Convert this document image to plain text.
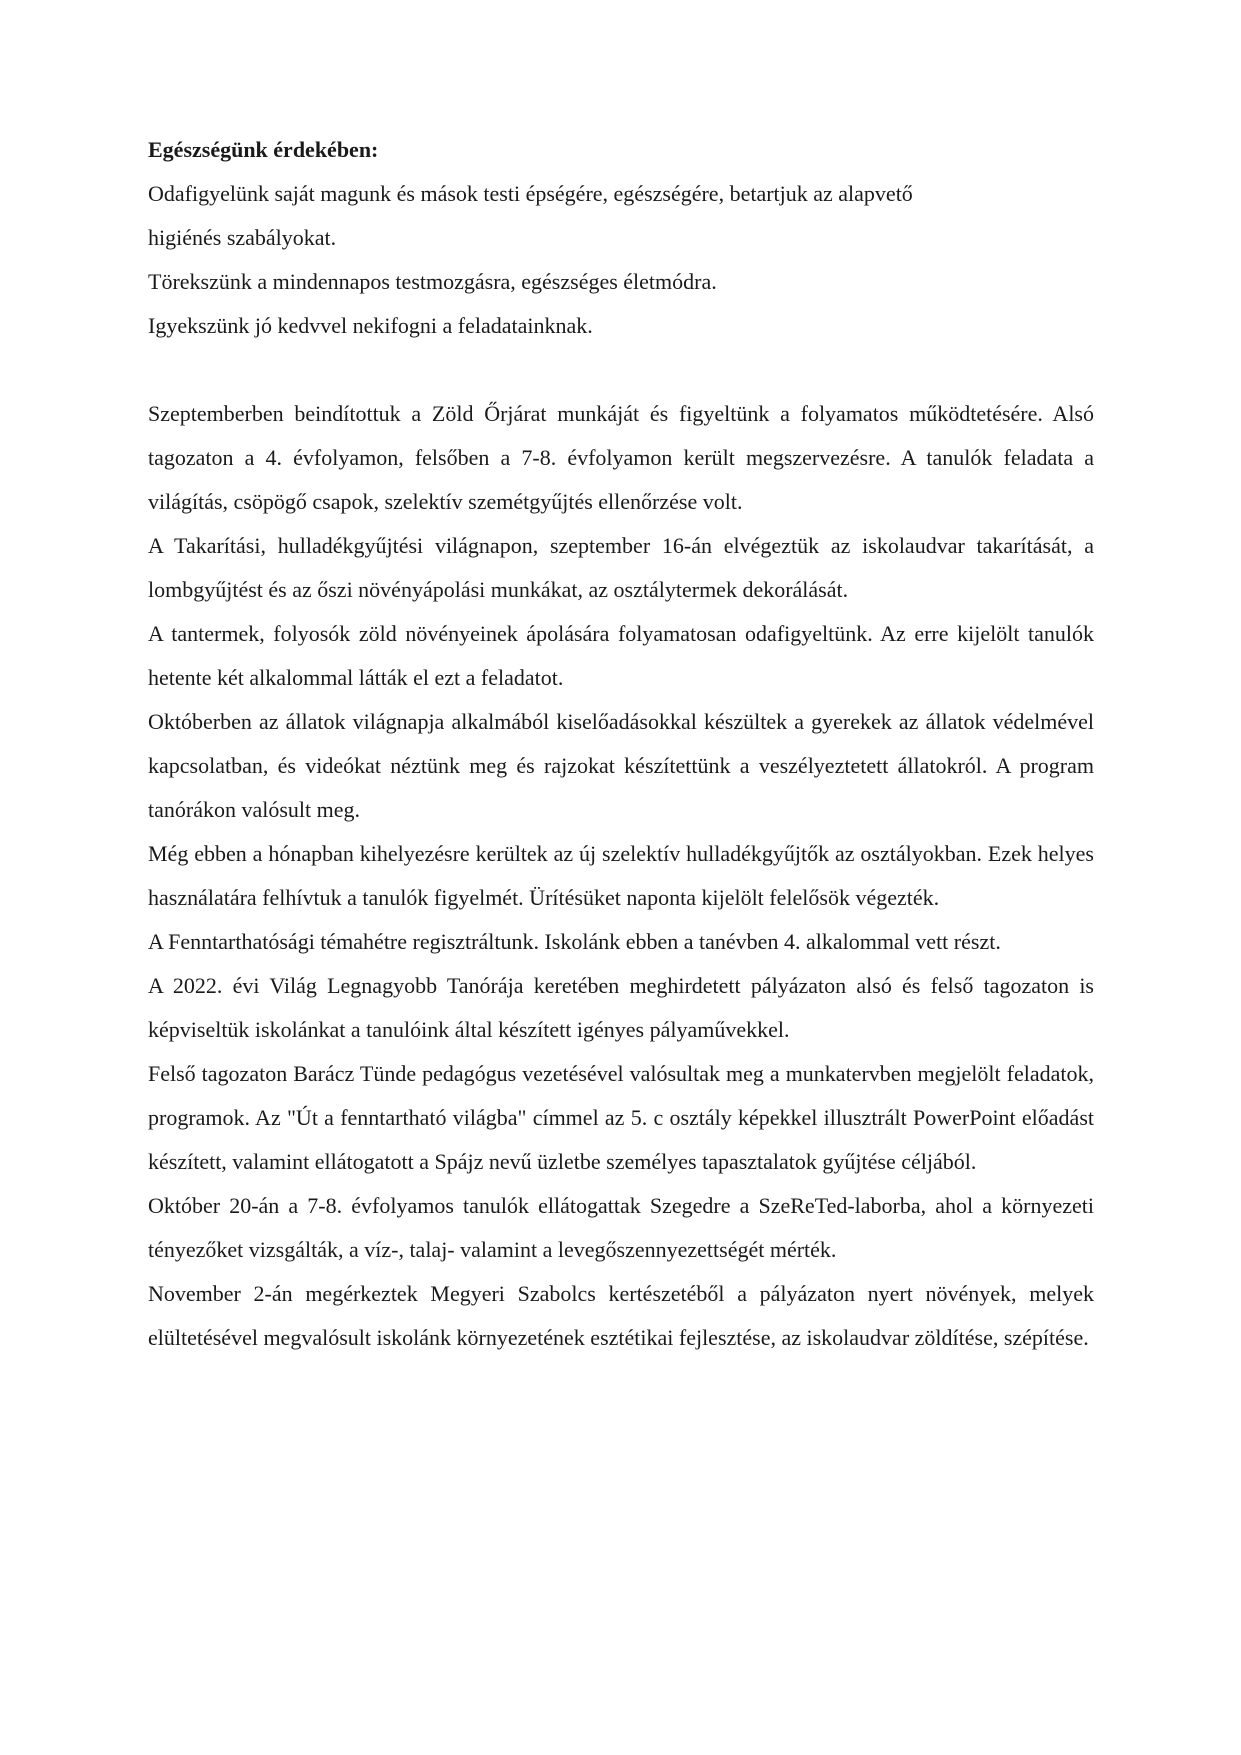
Egészségünk érdekében:

Odafigyelünk saját magunk és mások testi épségére, egészségére, betartjuk az alapvető higiénés szabályokat.

Törekszünk a mindennapos testmozgásra, egészséges életmódra.

Igyekszünk jó kedvvel nekifogni a feladatainknak.

Szeptemberben beindítottuk a Zöld Őrjárat munkáját és figyeltünk a folyamatos működtetésére. Alsó tagozaton a 4. évfolyamon, felsőben a 7-8. évfolyamon került megszervezésre. A tanulók feladata a világítás, csöpögő csapok, szelektív szemétgyűjtés ellenőrzése volt.

A Takarítási, hulladékgyűjtési világnapon, szeptember 16-án elvégeztük az iskolaudvar takarítását, a lombgyűjtést és az őszi növényápolási munkákat, az osztálytermek dekorálását.

A tantermek, folyosók zöld növényeinek ápolására folyamatosan odafigyeltünk. Az erre kijelölt tanulók hetente két alkalommal látták el ezt a feladatot.

Októberben az állatok világnapja alkalmából kiselőadásokkal készültek a gyerekek az állatok védelmével kapcsolatban, és videókat néztünk meg és rajzokat készítettünk a veszélyeztetett állatokról. A program tanórákon valósult meg.

Még ebben a hónapban kihelyezésre kerültek az új szelektív hulladékgyűjtők az osztályokban. Ezek helyes használatára felhívtuk a tanulók figyelmét. Ürítésüket naponta kijelölt felelősök végezték.

A Fenntarthatósági témahétre regisztráltunk. Iskolánk ebben a tanévben 4. alkalommal vett részt.

A 2022. évi Világ Legnagyobb Tanórája keretében meghirdetett pályázaton alsó és felső tagozaton is képviseltük iskolánkat a tanulóink által készített igényes pályaművekkel.

Felső tagozaton Barácz Tünde pedagógus vezetésével valósultak meg a munkatervben megjelölt feladatok, programok. Az "Út a fenntartható világba" címmel az 5. c osztály képekkel illusztrált PowerPoint előadást készített, valamint ellátogatott a Spájz nevű üzletbe személyes tapasztalatok gyűjtése céljából.

Október 20-án a 7-8. évfolyamos tanulók ellátogattak Szegedre a SzeReTed-laborba, ahol a környezeti tényezőket vizsgálták, a víz-, talaj- valamint a levegőszennyezettségét mérték.

November 2-án megérkeztek Megyeri Szabolcs kertészetéből a pályázaton nyert növények, melyek elültetésével megvalósult iskolánk környezetének esztétikai fejlesztése, az iskolaudvar zöldítése, szépítése.
